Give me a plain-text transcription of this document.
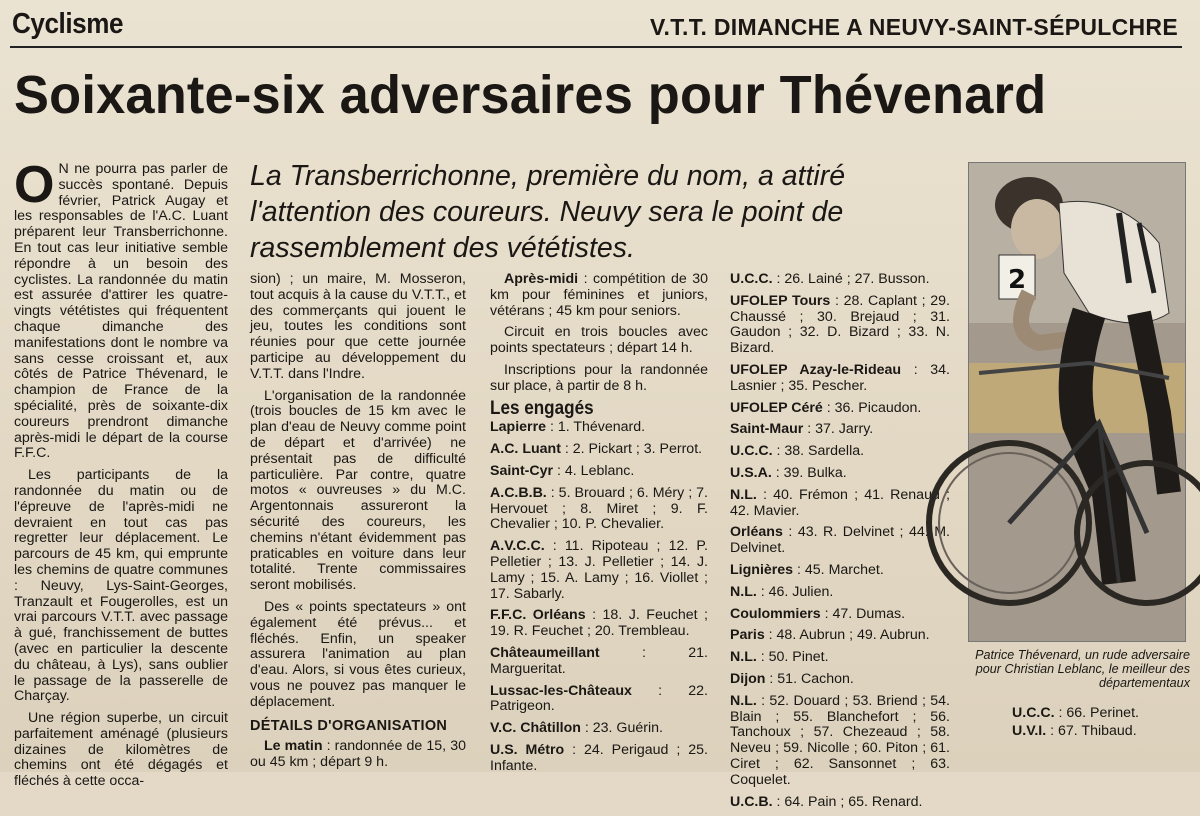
Cyclisme	V.T.T. DIMANCHE A NEUVY-SAINT-SÉPULCHRE
Soixante-six adversaires pour Thévenard
La Transberrichonne, première du nom, a attiré l'attention des coureurs. Neuvy sera le point de rassemblement des vététistes.

O N ne pourra pas parler de succès spontané. Depuis février, Patrick Augay et les responsables de l'A.C. Luant préparent leur Transberrichonne. En tout cas leur initiative semble répondre à un besoin des cyclistes. La randonnée du matin est assurée d'attirer les quatre-vingts vététistes qui fréquentent chaque dimanche des manifestations dont le nombre va sans cesse croissant et, aux côtés de Patrice Thévenard, le champion de France de la spécialité, près de soixante-dix coureurs prendront dimanche après-midi le départ de la course F.F.C.

Les participants de la randonnée du matin ou de l'épreuve de l'après-midi ne devraient en tout cas pas regretter leur déplacement. Le parcours de 45 km, qui emprunte les chemins de quatre communes : Neuvy, Lys-Saint-Georges, Tranzault et Fougerolles, est un vrai parcours V.T.T. avec passage à gué, franchissement de buttes (avec en particulier la descente du château, à Lys), sans oublier le passage de la passerelle de Charçay.

Une région superbe, un circuit parfaitement aménagé (plusieurs dizaines de kilomètres de chemins ont été dégagés et fléchés à cette occa-

sion) ; un maire, M. Mosseron, tout acquis à la cause du V.T.T., et des commerçants qui jouent le jeu, toutes les conditions sont réunies pour que cette journée participe au développement du V.T.T. dans l'Indre.

L'organisation de la randonnée (trois boucles de 15 km avec le plan d'eau de Neuvy comme point de départ et d'arrivée) ne présentait pas de difficulté particulière. Par contre, quatre motos « ouvreuses » du M.C. Argentonnais assureront la sécurité des coureurs, les chemins n'étant évidemment pas praticables en voiture dans leur totalité. Trente commissaires seront mobilisés.

Des « points spectateurs » ont également été prévus... et fléchés. Enfin, un speaker assurera l'animation au plan d'eau. Alors, si vous êtes curieux, vous ne pouvez pas manquer le déplacement.

DÉTAILS D'ORGANISATION

Le matin : randonnée de 15, 30 ou 45 km ; départ 9 h.

Après-midi : compétition de 30 km pour féminines et juniors, vétérans ; 45 km pour seniors.

Circuit en trois boucles avec points spectateurs ; départ 14 h.

Inscriptions pour la randonnée sur place, à partir de 8 h.

Les engagés

Lapierre : 1. Thévenard.

A.C. Luant : 2. Pickart ; 3. Perrot.

Saint-Cyr : 4. Leblanc.

A.C.B.B. : 5. Brouard ; 6. Méry ; 7. Hervouet ; 8. Miret ; 9. F. Chevalier ; 10. P. Chevalier.

A.V.C.C. : 11. Ripoteau ; 12. P. Pelletier ; 13. J. Pelletier ; 14. J. Lamy ; 15. A. Lamy ; 16. Viollet ; 17. Sabarly.

F.F.C. Orléans : 18. J. Feuchet ; 19. R. Feuchet ; 20. Trembleau.

Châteaumeillant : 21. Margueritat.

Lussac-les-Châteaux : 22. Patrigeon.

V.C. Châtillon : 23. Guérin.

U.S. Métro : 24. Perigaud ; 25. Infante.

U.C.C. : 26. Lainé ; 27. Busson.

UFOLEP Tours : 28. Caplant ; 29. Chaussé ; 30. Brejaud ; 31. Gaudon ; 32. D. Bizard ; 33. N. Bizard.

UFOLEP Azay-le-Rideau : 34. Lasnier ; 35. Pescher.

UFOLEP Céré : 36. Picaudon.

Saint-Maur : 37. Jarry.

U.C.C. : 38. Sardella.

U.S.A. : 39. Bulka.

N.L. : 40. Frémon ; 41. Renaud ; 42. Mavier.

Orléans : 43. R. Delvinet ; 44. M. Delvinet.

Lignières : 45. Marchet.

N.L. : 46. Julien.

Coulommiers : 47. Dumas.

Paris : 48. Aubrun ; 49. Aubrun.

N.L. : 50. Pinet.

Dijon : 51. Cachon.

N.L. : 52. Douard ; 53. Briend ; 54. Blain ; 55. Blanchefort ; 56. Tanchoux ; 57. Chezeaud ; 58. Neveu ; 59. Nicolle ; 60. Piton ; 61. Ciret ; 62. Sansonnet ; 63. Coquelet.

U.C.B. : 64. Pain ; 65. Renard.

2
Patrice Thévenard, un rude adversaire pour Christian Leblanc, le meilleur des départementaux

U.C.C. : 66. Perinet.

U.V.I. : 67. Thibaud.
